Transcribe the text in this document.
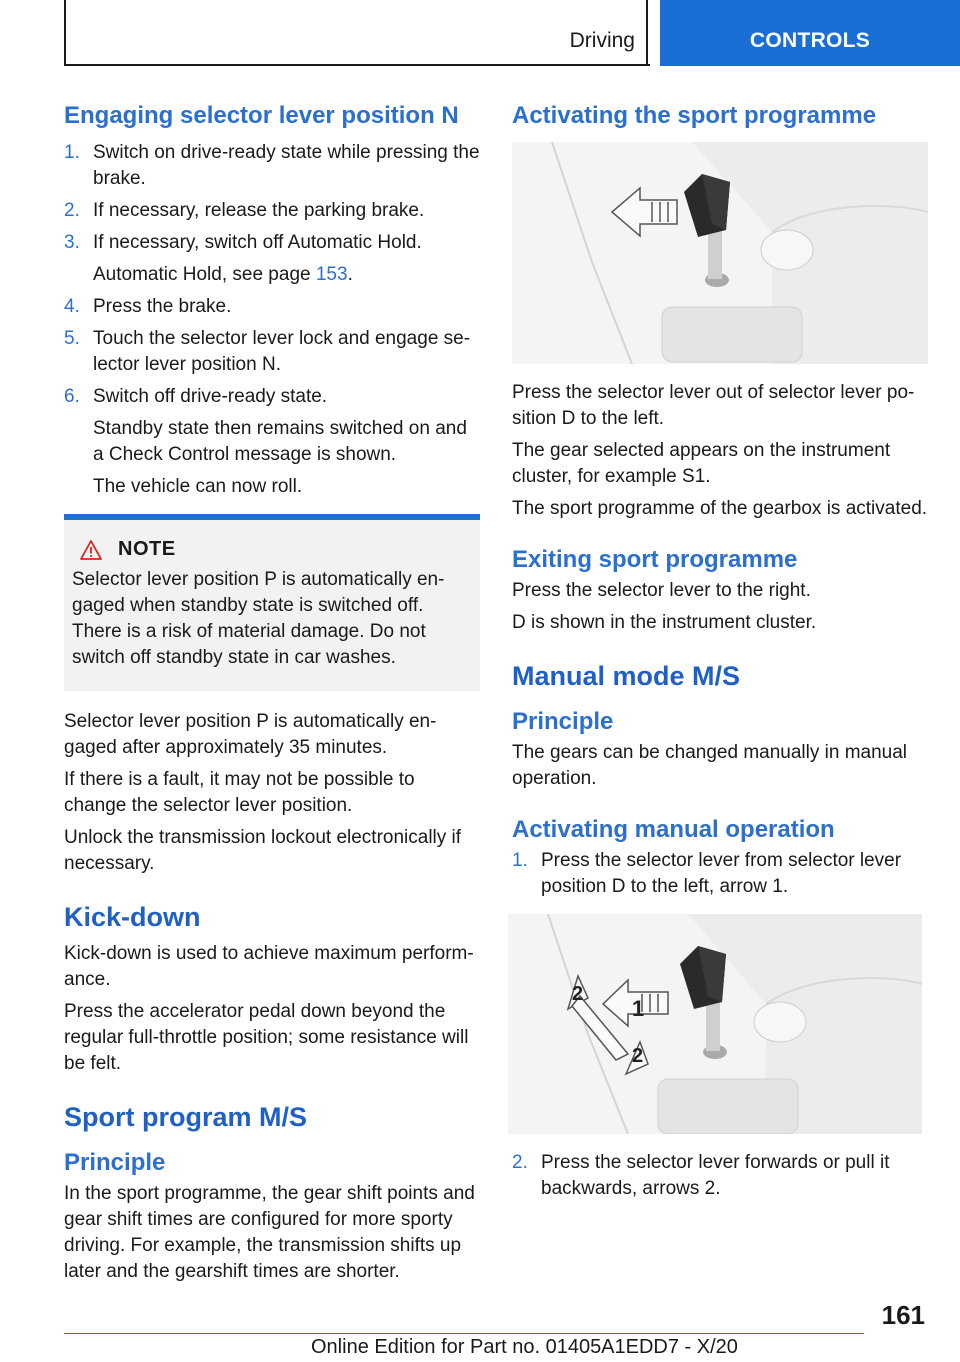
Driving	CONTROLS
Engaging selector lever position N
1. Switch on drive-ready state while pressing the brake.
2. If necessary, release the parking brake.
3. If necessary, switch off Automatic Hold.
Automatic Hold, see page 153.
4. Press the brake.
5. Touch the selector lever lock and engage selector lever position N.
6. Switch off drive-ready state.
Standby state then remains switched on and a Check Control message is shown.
The vehicle can now roll.
NOTE
Selector lever position P is automatically engaged when standby state is switched off. There is a risk of material damage. Do not switch off standby state in car washes.
Selector lever position P is automatically engaged after approximately 35 minutes.
If there is a fault, it may not be possible to change the selector lever position.
Unlock the transmission lockout electronically if necessary.
Kick-down
Kick-down is used to achieve maximum performance.
Press the accelerator pedal down beyond the regular full-throttle position; some resistance will be felt.
Sport program M/S
Principle
In the sport programme, the gear shift points and gear shift times are configured for more sporty driving. For example, the transmission shifts up later and the gearshift times are shorter.
Activating the sport programme
Press the selector lever out of selector lever position D to the left.
The gear selected appears on the instrument cluster, for example S1.
The sport programme of the gearbox is activated.
Exiting sport programme
Press the selector lever to the right.
D is shown in the instrument cluster.
Manual mode M/S
Principle
The gears can be changed manually in manual operation.
Activating manual operation
1. Press the selector lever from selector lever position D to the left, arrow 1.
1
2
2
2. Press the selector lever forwards or pull it backwards, arrows 2.
161
Online Edition for Part no. 01405A1EDD7 - X/20
